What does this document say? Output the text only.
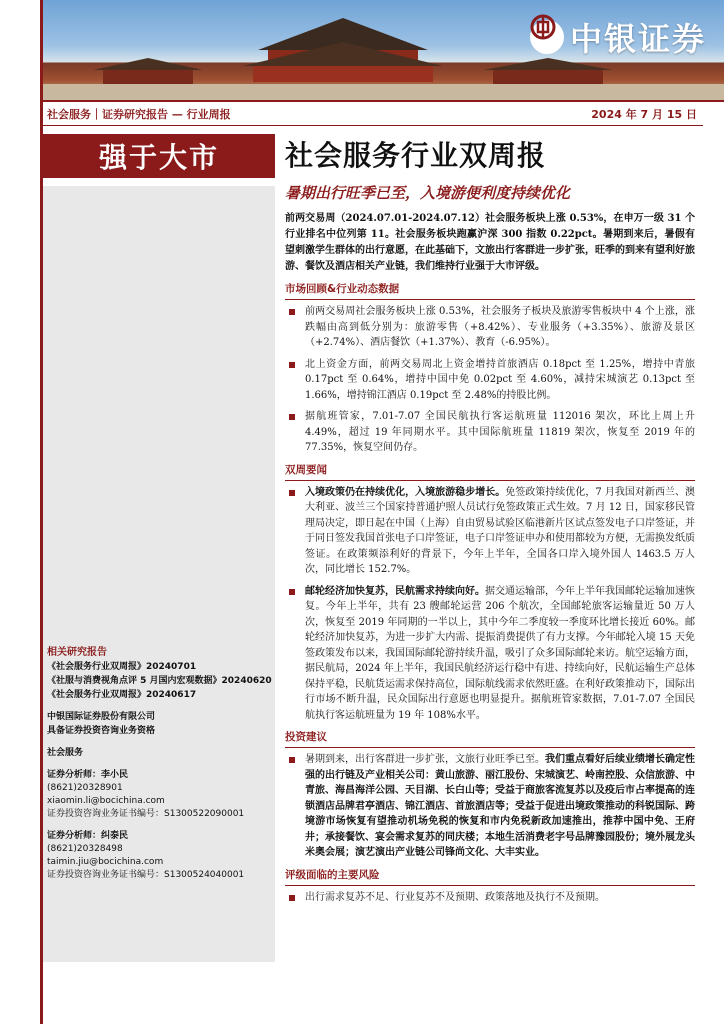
中银证券
社会服务｜证券研究报告 — 行业周报	2024 年 7 月 15 日
强于大市
相关研究报告
《社会服务行业双周报》20240701
《社服与消费视角点评 5 月国内宏观数据》20240620
《社会服务行业双周报》20240617
中银国际证券股份有限公司
具备证券投资咨询业务资格
社会服务
证券分析师：李小民
(8621)20328901
xiaomin.li@bocichina.com
证券投资咨询业务证书编号：S1300522090001
证券分析师：纠泰民
(8621)20328498
taimin.jiu@bocichina.com
证券投资咨询业务证书编号：S1300524040001
社会服务行业双周报
暑期出行旺季已至，入境游便利度持续优化
前两交易周（2024.07.01-2024.07.12）社会服务板块上涨 0.53%，在申万一级 31 个行业排名中位列第 11。社会服务板块跑赢沪深 300 指数 0.22pct。暑期到来后，暑假有望刺激学生群体的出行意愿，在此基础下，文旅出行客群进一步扩张，旺季的到来有望利好旅游、餐饮及酒店相关产业链，我们维持行业强于大市评级。
市场回顾&行业动态数据
前两交易周社会服务板块上涨 0.53%，社会服务子板块及旅游零售板块中 4 个上涨，涨跌幅由高到低分别为：旅游零售（+8.42%）、专业服务（+3.35%）、旅游及景区（+2.74%）、酒店餐饮（+1.37%）、教育（-6.95%）。
北上资金方面，前两交易周北上资金增持首旅酒店 0.18pct 至 1.25%，增持中青旅 0.17pct 至 0.64%，增持中国中免 0.02pct 至 4.60%，减持宋城演艺 0.13pct 至 1.66%，增持锦江酒店 0.19pct 至 2.48%的持股比例。
据航班管家，7.01-7.07 全国民航执行客运航班量 112016 架次，环比上周上升 4.49%，超过 19 年同期水平。其中国际航班量 11819 架次，恢复至 2019 年的 77.35%，恢复空间仍存。
双周要闻
入境政策仍在持续优化，入境旅游稳步增长。免签政策持续优化，7 月我国对新西兰、澳大利亚、波兰三个国家持普通护照人员试行免签政策正式生效。7 月 12 日，国家移民管理局决定，即日起在中国（上海）自由贸易试验区临港新片区试点签发电子口岸签证，并于同日签发我国首张电子口岸签证，电子口岸签证申办和使用都较为方便，无需换发纸质签证。在政策频添利好的背景下，今年上半年，全国各口岸入境外国人 1463.5 万人次，同比增长 152.7%。
邮轮经济加快复苏，民航需求持续向好。据交通运输部，今年上半年我国邮轮运输加速恢复。今年上半年，共有 23 艘邮轮运营 206 个航次，全国邮轮旅客运输量近 50 万人次，恢复至 2019 年同期的一半以上，其中今年二季度较一季度环比增长接近 60%。邮轮经济加快复苏，为进一步扩大内需、提振消费提供了有力支撑。今年邮轮入境 15 天免签政策发布以来，我国国际邮轮游持续升温，吸引了众多国际邮轮来访。航空运输方面，据民航局，2024 年上半年，我国民航经济运行稳中有进、持续向好，民航运输生产总体保持平稳，民航货运需求保持高位，国际航线需求依然旺盛。在利好政策推动下，国际出行市场不断升温，民众国际出行意愿也明显提升。据航班管家数据，7.01-7.07 全国民航执行客运航班量为 19 年 108%水平。
投资建议
暑期到来，出行客群进一步扩张，文旅行业旺季已至。我们重点看好后续业绩增长确定性强的出行链及产业相关公司：黄山旅游、丽江股份、宋城演艺、岭南控股、众信旅游、中青旅、海昌海洋公园、天目湖、长白山等；受益于商旅客流复苏以及疫后市占率提高的连锁酒店品牌君亭酒店、锦江酒店、首旅酒店等；受益于促进出境政策推动的科锐国际、跨境游市场恢复有望推动机场免税的恢复和市内免税新政加速推出，推荐中国中免、王府井；承接餐饮、宴会需求复苏的同庆楼；本地生活消费老字号品牌豫园股份；境外展龙头米奥会展；演艺演出产业链公司锋尚文化、大丰实业。
评级面临的主要风险
出行需求复苏不足、行业复苏不及预期、政策落地及执行不及预期。
